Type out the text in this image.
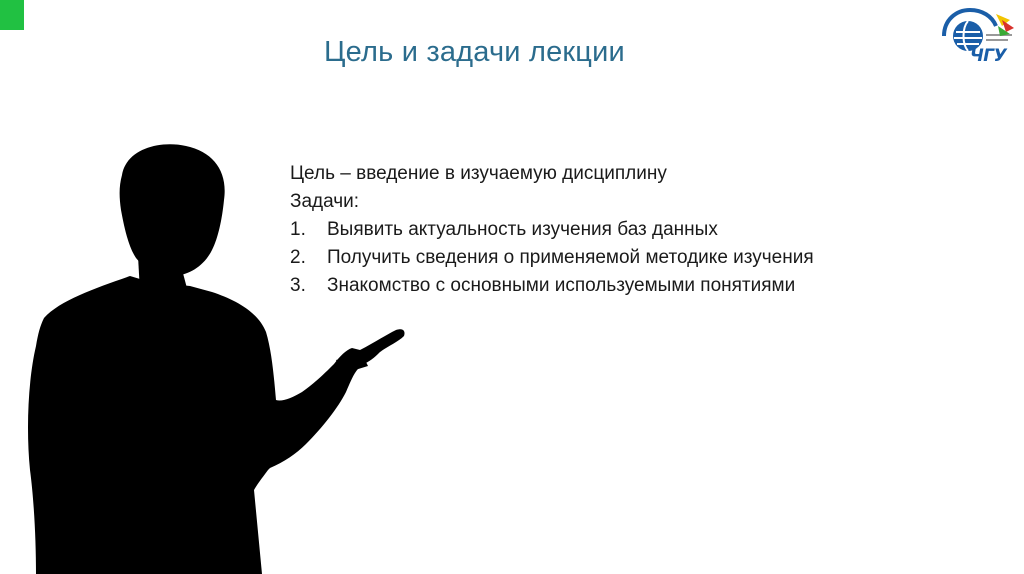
Цель и задачи лекции

Цель – введение в изучаемую дисциплину

Задачи:

1. Выявить актуальность изучения баз данных
2. Получить сведения о применяемой методике изучения
3. Знакомство с основными используемыми понятиями
ЧГУ
